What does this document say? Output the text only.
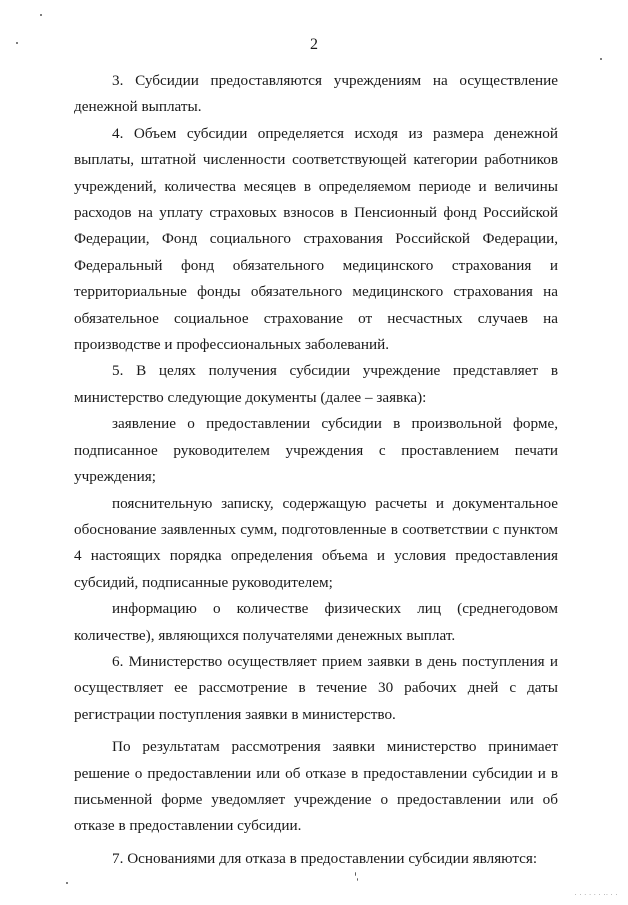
· · · · · · ·· · ·
2

3. Субсидии предоставляются учреждениям на осуществление денежной выплаты.

4. Объем субсидии определяется исходя из размера денежной выплаты, штатной численности соответствующей категории работников учреждений, количества месяцев в определяемом периоде и величины расходов на уплату страховых взносов в Пенсионный фонд Российской Федерации, Фонд социального страхования Российской Федерации, Федеральный фонд обязательного медицинского страхования и территориальные фонды обязательного медицинского страхования на обязательное социальное страхование от несчастных случаев на производстве и профессиональных заболеваний.

5. В целях получения субсидии учреждение представляет в министерство следующие документы (далее – заявка):

заявление о предоставлении субсидии в произвольной форме, подписанное руководителем учреждения с проставлением печати учреждения;

пояснительную записку, содержащую расчеты и документальное обоснование заявленных сумм, подготовленные в соответствии с пунктом 4 настоящих порядка определения объема и условия предоставления субсидий, подписанные руководителем;

информацию о количестве физических лиц (среднегодовом количестве), являющихся получателями денежных выплат.

6. Министерство осуществляет прием заявки в день поступления и осуществляет ее рассмотрение в течение 30 рабочих дней с даты регистрации поступления заявки в министерство.

По результатам рассмотрения заявки министерство принимает решение о предоставлении или об отказе в предоставлении субсидии и в письменной форме уведомляет учреждение о предоставлении или об отказе в предоставлении субсидии.

7. Основаниями для отказа в предоставлении субсидии являются:
